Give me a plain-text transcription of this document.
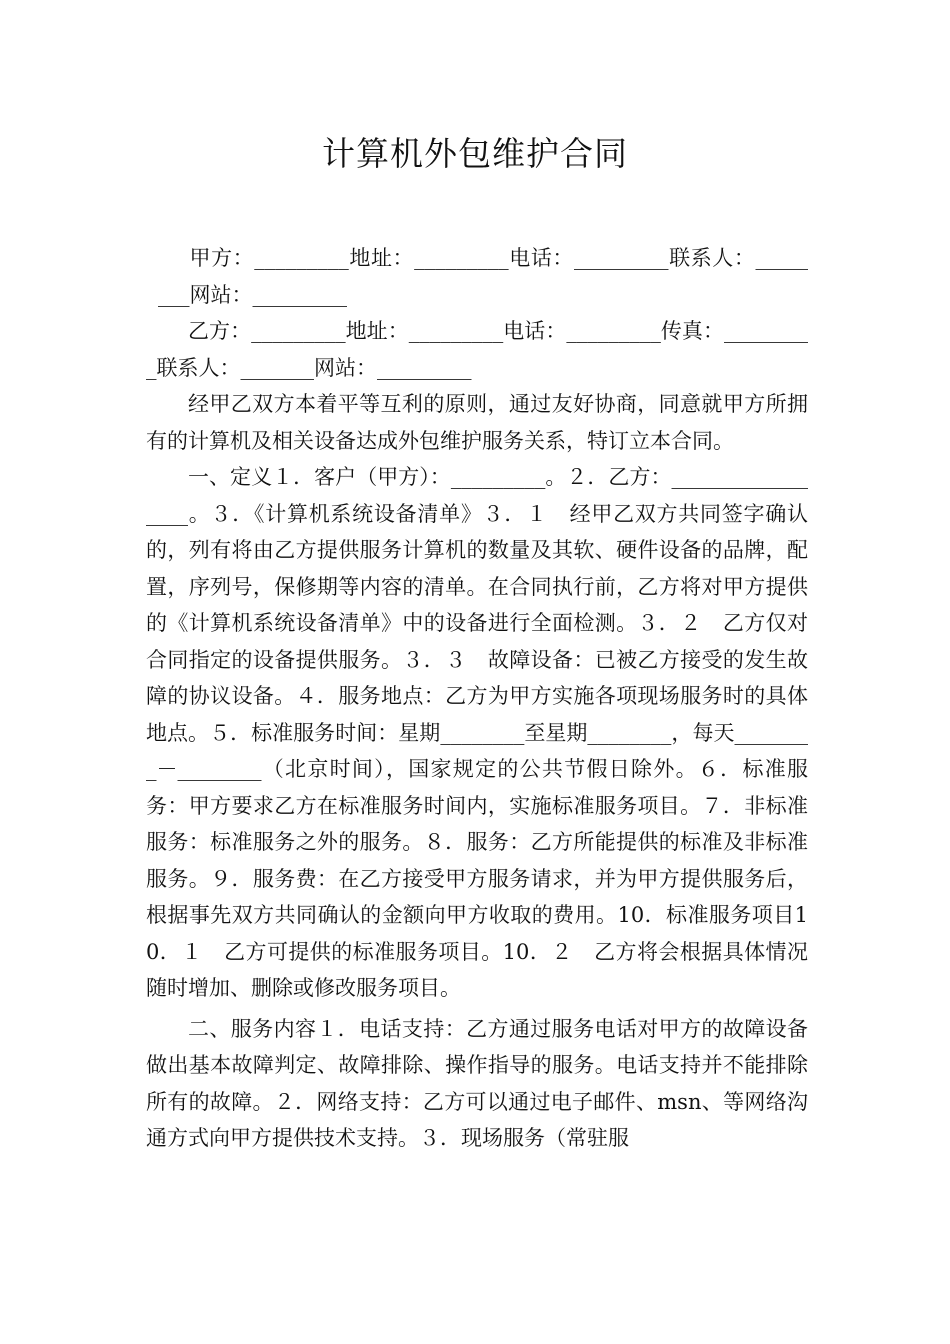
计算机外包维护合同

甲方：_________地址：_________电话：_________联系人：________网站：_________

乙方：_________地址：_________电话：_________传真：_________联系人：_______网站：_________

经甲乙双方本着平等互利的原则，通过友好协商，同意就甲方所拥有的计算机及相关设备达成外包维护服务关系，特订立本合同。

一、定义１．客户（甲方）：_________。２．乙方：_________________。３．《计算机系统设备清单》３．１　经甲乙双方共同签字确认的，列有将由乙方提供服务计算机的数量及其软、硬件设备的品牌，配置，序列号，保修期等内容的清单。在合同执行前，乙方将对甲方提供的《计算机系统设备清单》中的设备进行全面检测。３．２　乙方仅对合同指定的设备提供服务。３．３　故障设备：已被乙方接受的发生故障的协议设备。４．服务地点：乙方为甲方实施各项现场服务时的具体地点。５．标准服务时间：星期________至星期________，每天________－________（北京时间），国家规定的公共节假日除外。６．标准服务：甲方要求乙方在标准服务时间内，实施标准服务项目。７．非标准服务：标准服务之外的服务。８．服务：乙方所能提供的标准及非标准服务。９．服务费：在乙方接受甲方服务请求，并为甲方提供服务后，根据事先双方共同确认的金额向甲方收取的费用。10．标准服务项目10．１　乙方可提供的标准服务项目。10．２　乙方将会根据具体情况随时增加、删除或修改服务项目。

二、服务内容１．电话支持：乙方通过服务电话对甲方的故障设备做出基本故障判定、故障排除、操作指导的服务。电话支持并不能排除所有的故障。２．网络支持：乙方可以通过电子邮件、msn、等网络沟通方式向甲方提供技术支持。３．现场服务（常驻服
